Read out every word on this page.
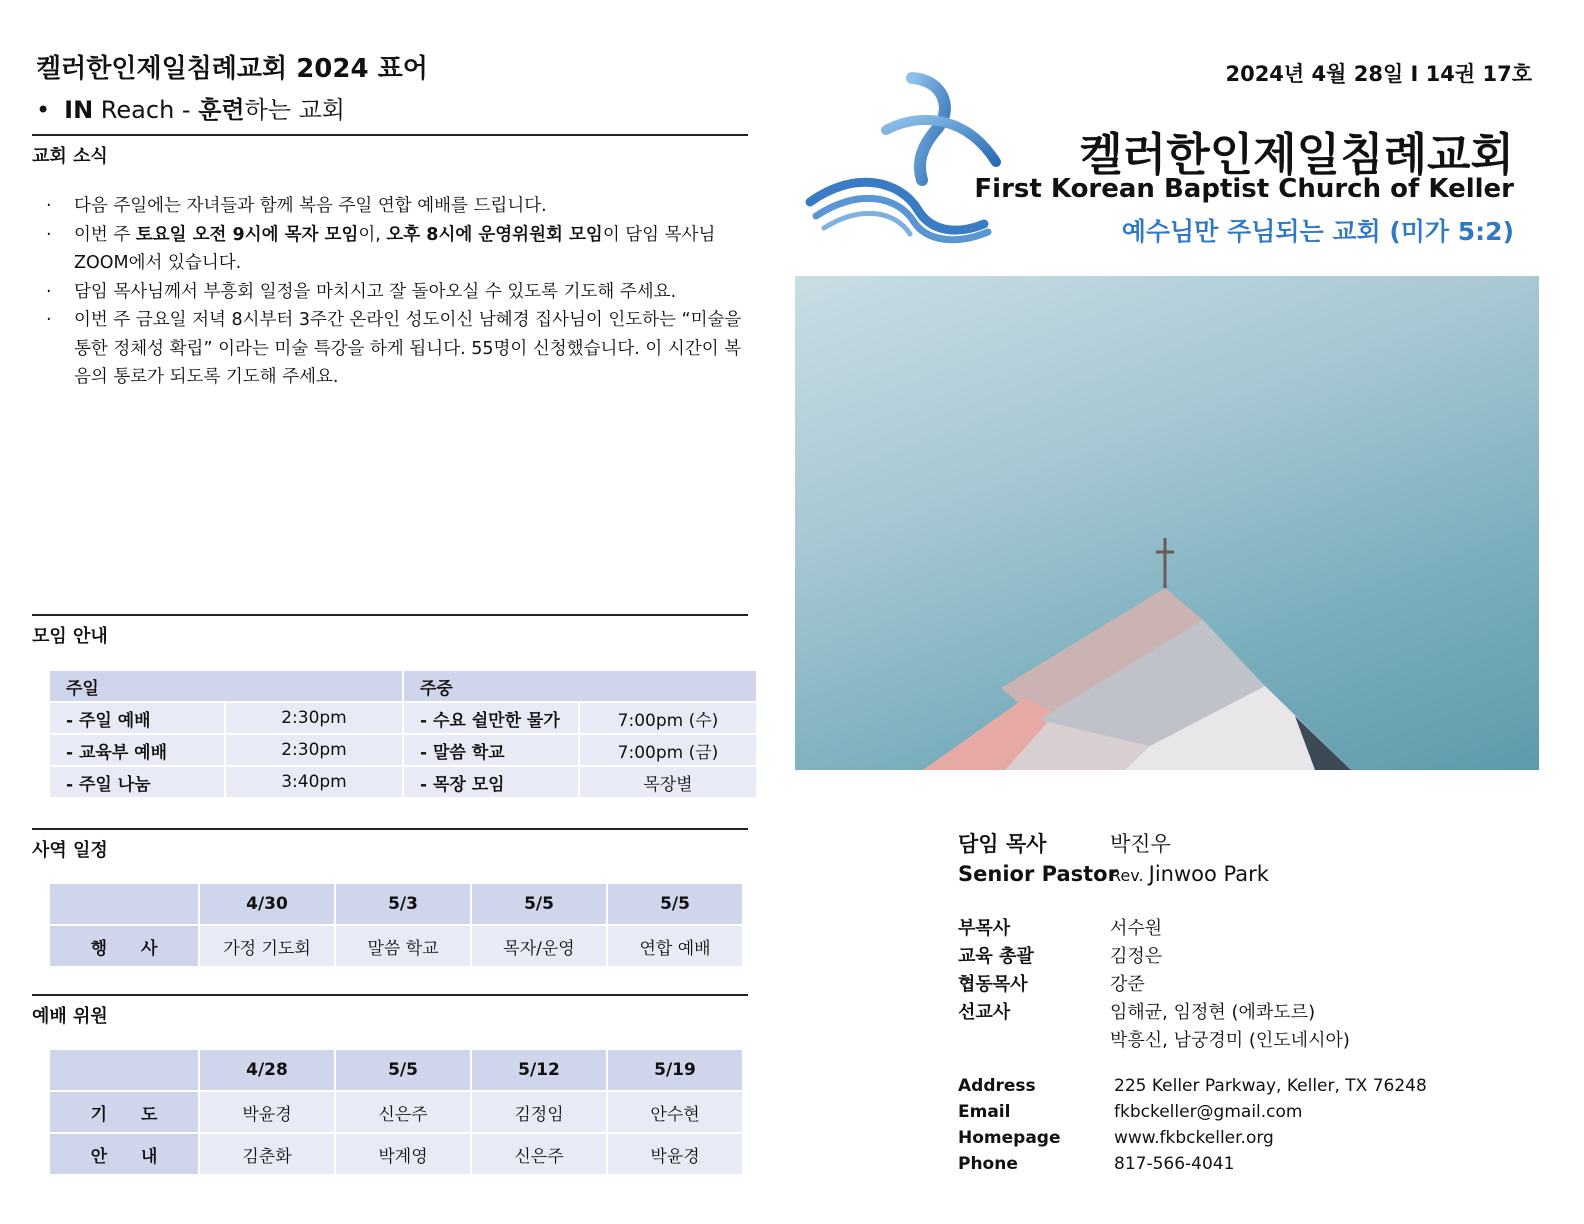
켈러한인제일침례교회 2024 표어
• IN Reach - 훈련하는 교회
교회 소식
·	다음 주일에는 자녀들과 함께 복음 주일 연합 예배를 드립니다.
·	이번 주 토요일 오전 9시에 목자 모임이, 오후 8시에 운영위원회 모임이 담임 목사님 ZOOM에서 있습니다.
·	담임 목사님께서 부흥회 일정을 마치시고 잘 돌아오실 수 있도록 기도해 주세요.
·	이번 주 금요일 저녁 8시부터 3주간 온라인 성도이신 남혜경 집사님이 인도하는 “미술을 통한 정체성 확립” 이라는 미술 특강을 하게 됩니다. 55명이 신청했습니다. 이 시간이 복음의 통로가 되도록 기도해 주세요.
모임 안내
주일		주중	
- 주일 예배	2:30pm	- 수요 쉴만한 물가	7:00pm (수)
- 교육부 예배	2:30pm	- 말씀 학교	7:00pm (금)
- 주일 나눔	3:40pm	- 목장 모임	목장별
사역 일정
	4/30	5/3	5/5	5/5
행 사	가정 기도회	말씀 학교	목자/운영	연합 예배
예배 위원
	4/28	5/5	5/12	5/19
기 도	박윤경	신은주	김정임	안수현
안 내	김춘화	박계영	신은주	박윤경
2024년 4월 28일 I 14권 17호
켈러한인제일침례교회
First Korean Baptist Church of Keller
예수님만 주님되는 교회 (미가 5:2)
담임 목사	박진우
Senior Pastor
Rev. Jinwoo Park
부목사	서수원
교육 총괄	김정은
협동목사	강준
선교사	임해균, 임정현 (에콰도르)
박흥신, 남궁경미 (인도네시아)
Address	225 Keller Parkway, Keller, TX 76248
Email	fkbckeller@gmail.com
Homepage	www.fkbckeller.org
Phone	817-566-4041
